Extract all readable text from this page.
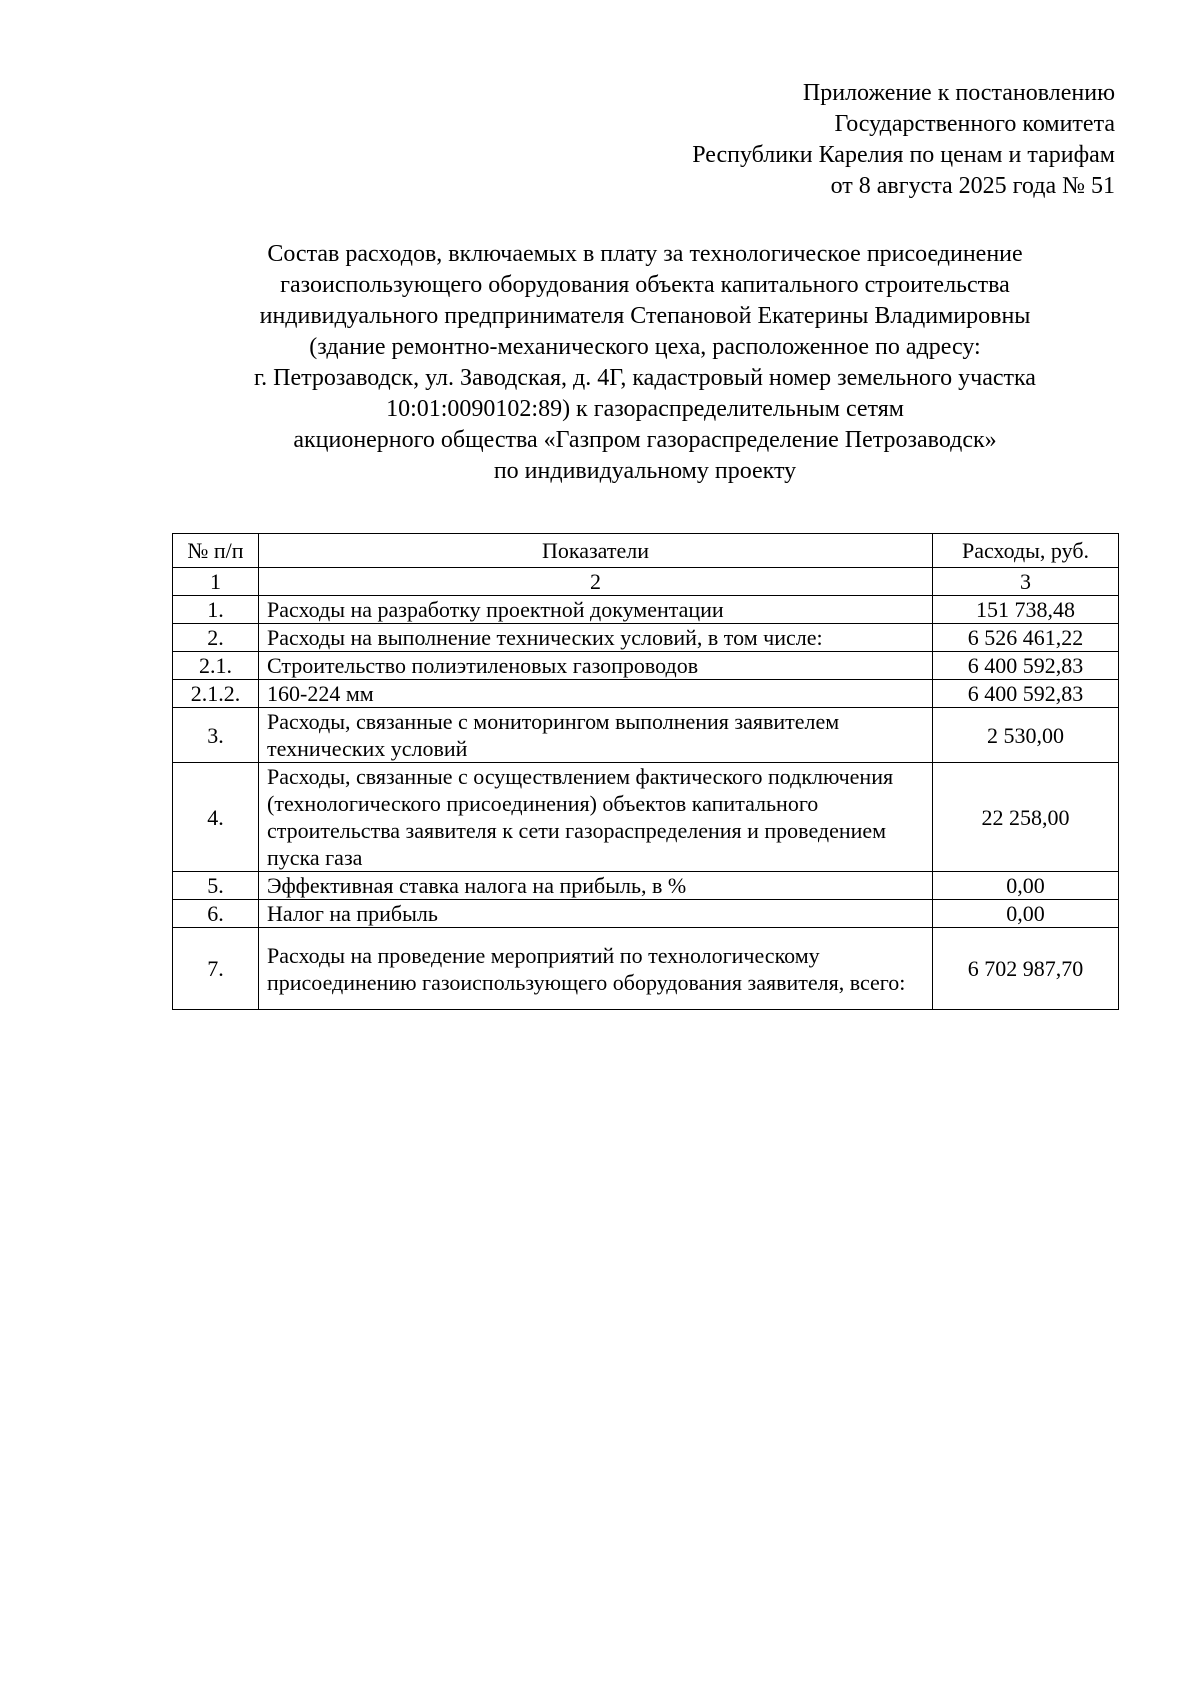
Приложение к постановлению
Государственного комитета
Республики Карелия по ценам и тарифам
от 8 августа 2025 года № 51
Состав расходов, включаемых в плату за технологическое присоединение
газоиспользующего оборудования объекта капитального строительства
индивидуального предпринимателя Степановой Екатерины Владимировны
(здание ремонтно-механического цеха, расположенное по адресу:
г. Петрозаводск, ул. Заводская, д. 4Г, кадастровый номер земельного участка
10:01:0090102:89) к газораспределительным сетям
акционерного общества «Газпром газораспределение Петрозаводск»
по индивидуальному проекту
№ п/п	Показатели	Расходы, руб.
1	2	3
1.	Расходы на разработку проектной документации	151 738,48
2.	Расходы на выполнение технических условий, в том числе:	6 526 461,22
2.1.	Строительство полиэтиленовых газопроводов	6 400 592,83
2.1.2.	160-224 мм	6 400 592,83
3.	Расходы, связанные с мониторингом выполнения заявителем технических условий	2 530,00
4.	Расходы, связанные с осуществлением фактического подключения (технологического присоединения) объектов капитального строительства заявителя к сети газораспределения и проведением пуска газа	22 258,00
5.	Эффективная ставка налога на прибыль, в %	0,00
6.	Налог на прибыль	0,00
7.	Расходы на проведение мероприятий по технологическому присоединению газоиспользующего оборудования заявителя, всего:	6 702 987,70
